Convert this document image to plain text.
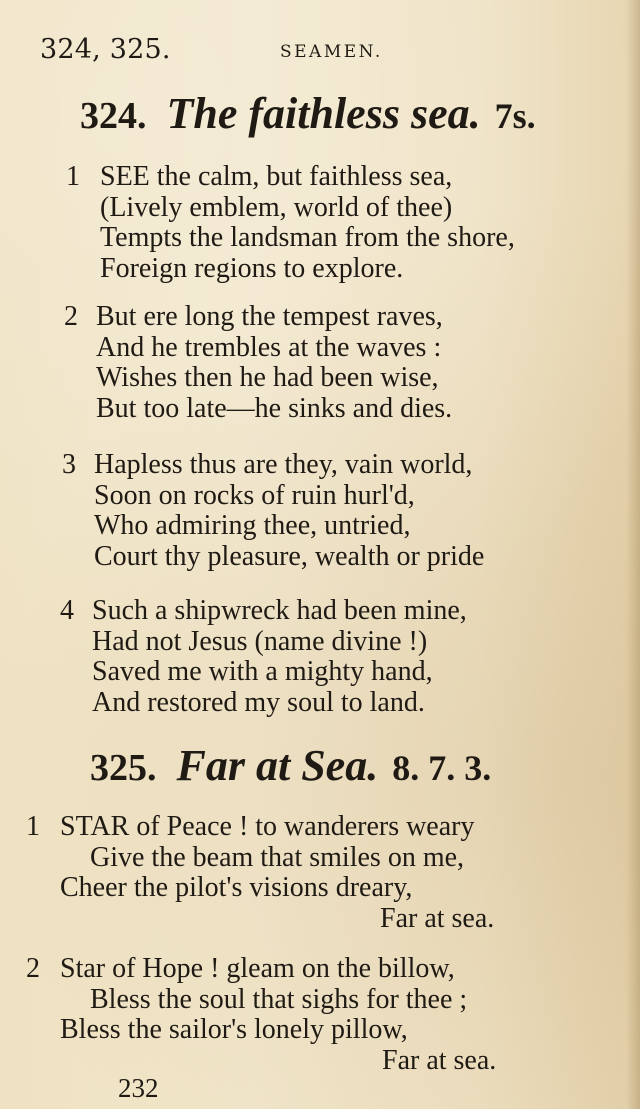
324, 325.	SEAMEN.
324. The faithless sea. 7s.
1 SEE the calm, but faithless sea,
(Lively emblem, world of thee)
Tempts the landsman from the shore,
Foreign regions to explore.
2 But ere long the tempest raves,
And he trembles at the waves :
Wishes then he had been wise,
But too late—he sinks and dies.
3 Hapless thus are they, vain world,
Soon on rocks of ruin hurl'd,
Who admiring thee, untried,
Court thy pleasure, wealth or pride
4 Such a shipwreck had been mine,
Had not Jesus (name divine !)
Saved me with a mighty hand,
And restored my soul to land.
325. Far at Sea. 8. 7. 3.
1 STAR of Peace ! to wanderers weary
Give the beam that smiles on me,
Cheer the pilot's visions dreary,
Far at sea.
2 Star of Hope ! gleam on the billow,
Bless the soul that sighs for thee ;
Bless the sailor's lonely pillow,
Far at sea.
232
